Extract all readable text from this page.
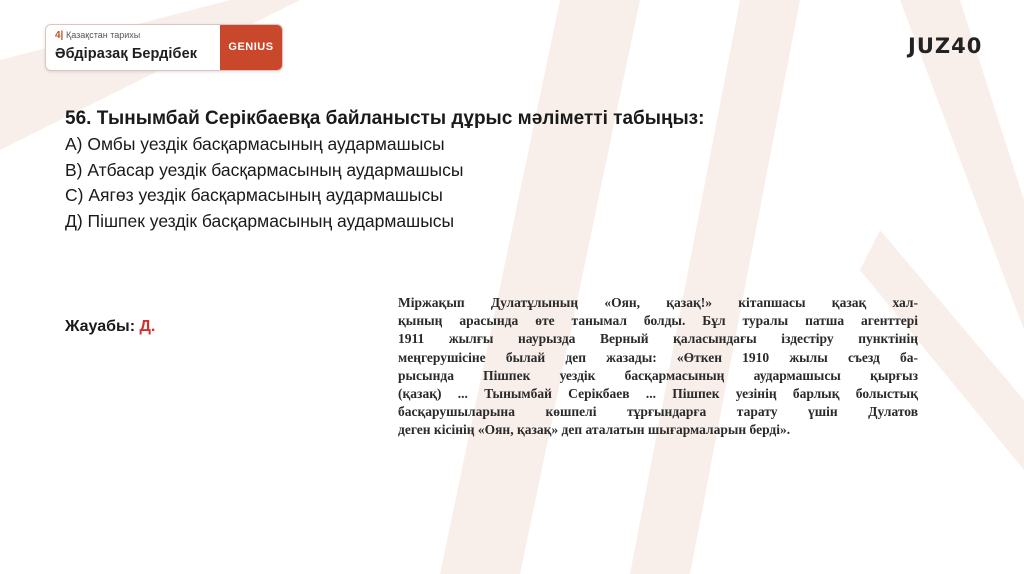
4| Қазақстан тарихы
Әбдіразақ Бердібек	GENIUS	JUZ40
56. Тынымбай Серікбаевқа байланысты дұрыс мәліметті табыңыз:
А) Омбы уездік басқармасының аудармашысы
В) Атбасар уездік басқармасының аудармашысы
С) Аягөз уездік басқармасының аудармашысы
Д) Пішпек уездік басқармасының аудармашысы
Жауабы: Д.
Міржақып Дулатұлының «Оян, қазақ!» кітапшасы қазақ хал-
қының арасында өте танымал болды. Бұл туралы патша агенттері
1911 жылғы наурызда Верный қаласындағы іздестіру пунктінің
меңгерушісіне былай деп жазады: «Өткен 1910 жылы съезд ба-
рысында Пішпек уездік басқармасының аудармашысы қырғыз
(қазақ) ... Тынымбай Серікбаев ... Пішпек уезінің барлық болыстық
басқарушыларына көшпелі тұрғындарға тарату үшін Дулатов
деген кісінің «Оян, қазақ» деп аталатын шығармаларын берді».
